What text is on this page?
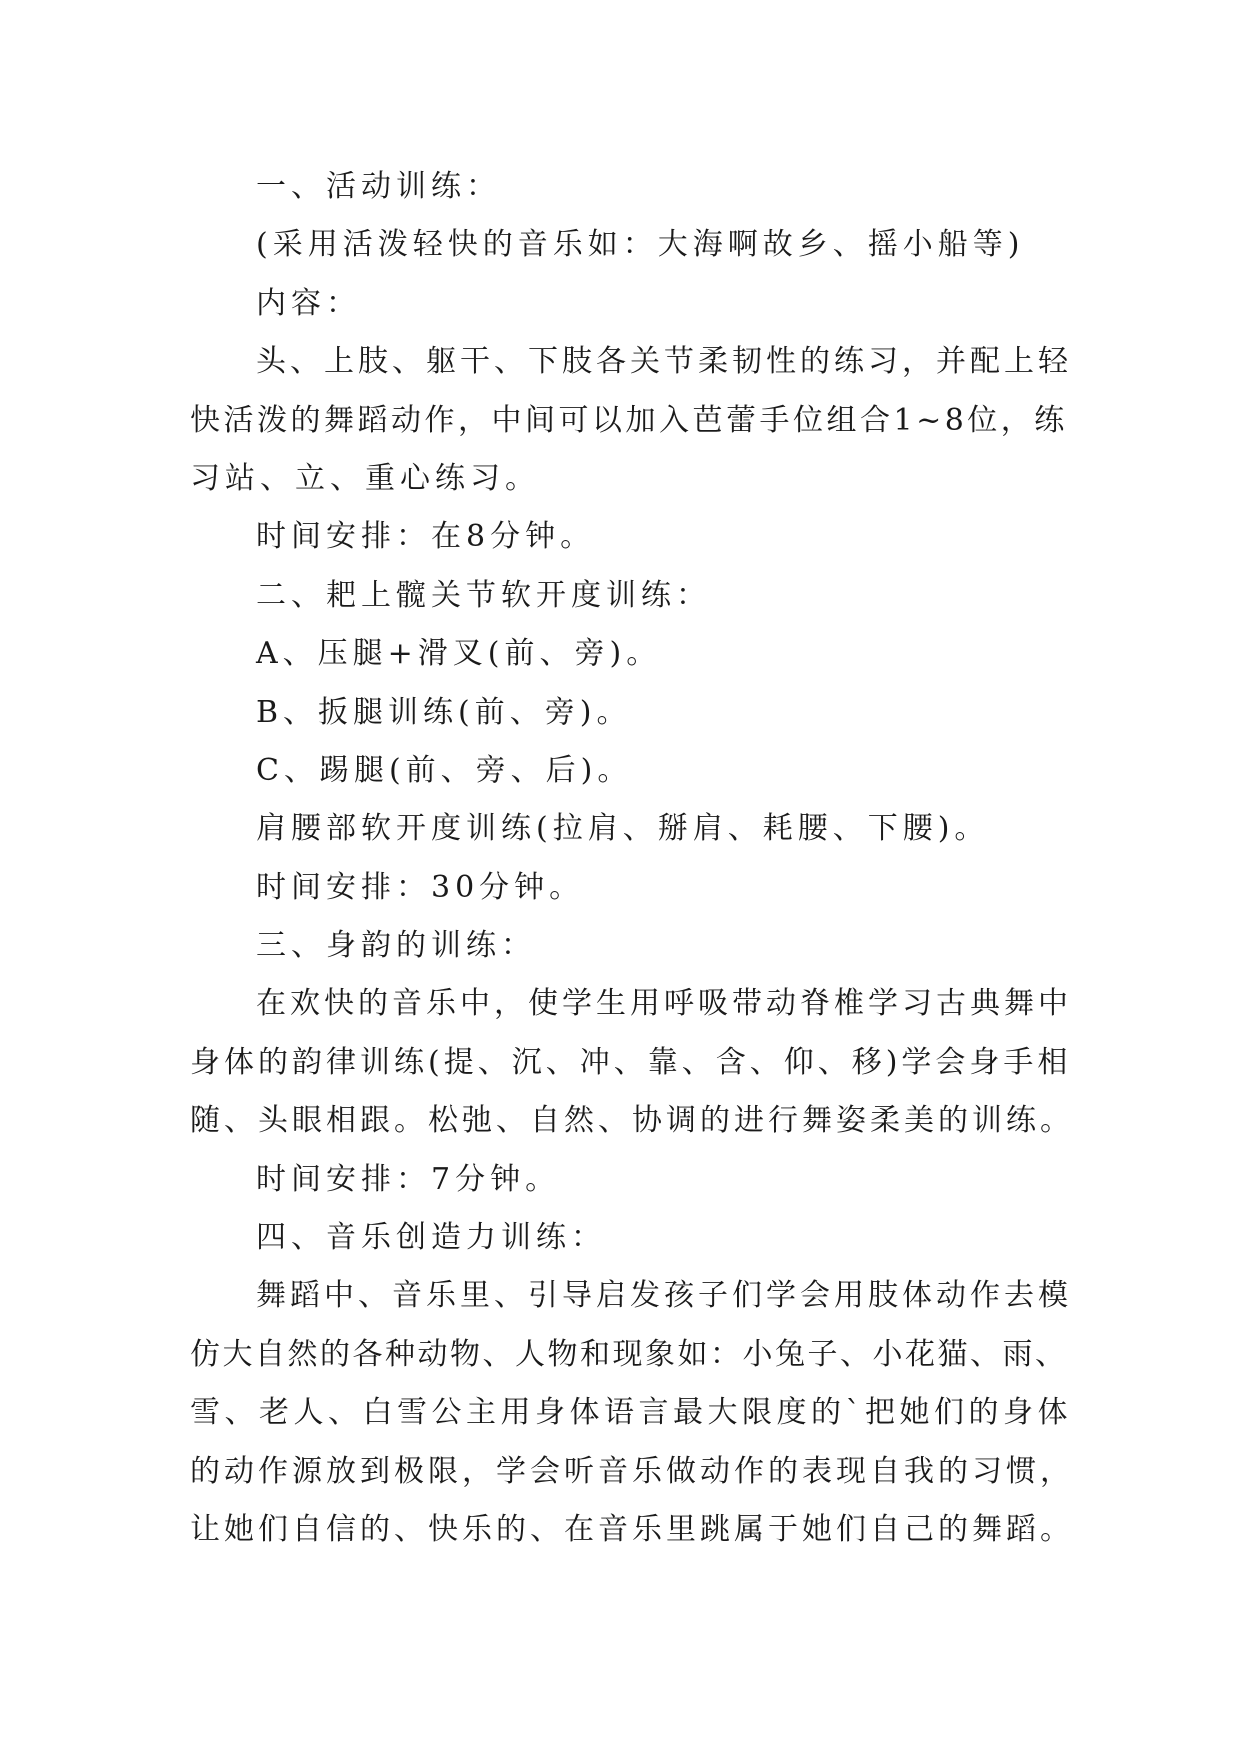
一、活动训练：
(采用活泼轻快的音乐如：大海啊故乡、摇小船等)
内容：
头、上肢、躯干、下肢各关节柔韧性的练习，并配上轻
快活泼的舞蹈动作，中间可以加入芭蕾手位组合1~8位，练
习站、立、重心练习。
时间安排：在8分钟。
二、耙上髋关节软开度训练：
A、压腿+滑叉(前、旁)。
B、扳腿训练(前、旁)。
C、踢腿(前、旁、后)。
肩腰部软开度训练(拉肩、掰肩、耗腰、下腰)。
时间安排：30分钟。
三、身韵的训练：
在欢快的音乐中，使学生用呼吸带动脊椎学习古典舞中
身体的韵律训练(提、沉、冲、靠、含、仰、移)学会身手相
随、头眼相跟。松弛、自然、协调的进行舞姿柔美的训练。
时间安排：7分钟。
四、音乐创造力训练：
舞蹈中、音乐里、引导启发孩子们学会用肢体动作去模
仿大自然的各种动物、人物和现象如：小兔子、小花猫、雨、
雪、老人、白雪公主用身体语言最大限度的`把她们的身体
的动作源放到极限，学会听音乐做动作的表现自我的习惯，
让她们自信的、快乐的、在音乐里跳属于她们自己的舞蹈。
